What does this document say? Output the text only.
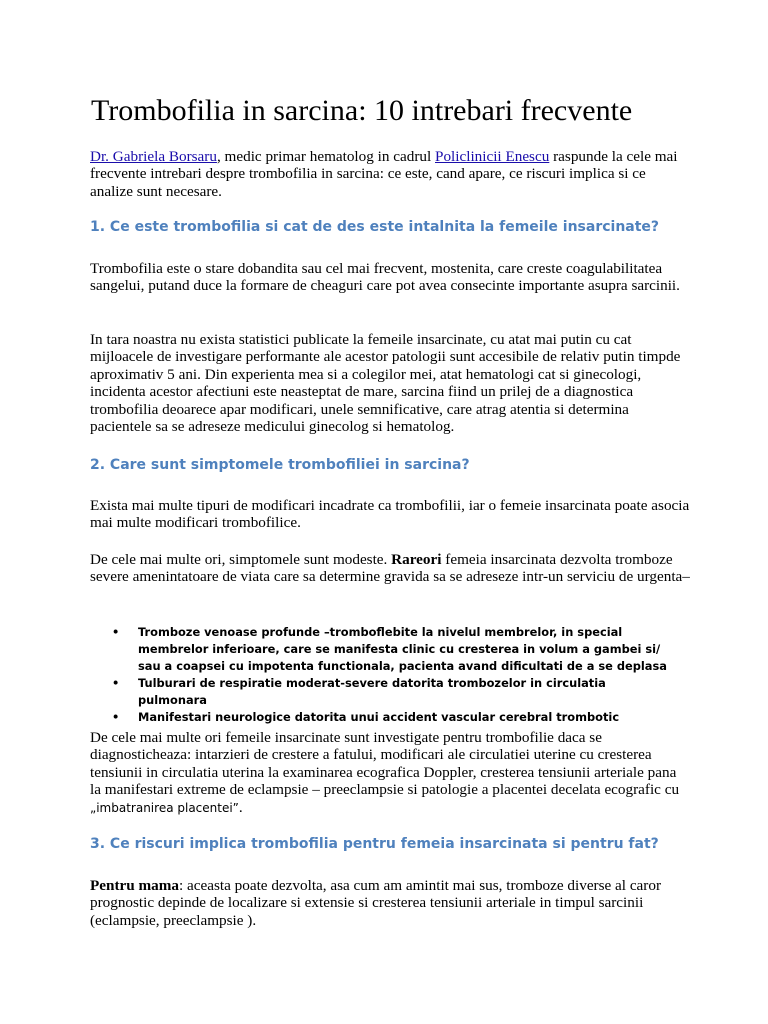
Trombofilia in sarcina: 10 intrebari frecvente

Dr. Gabriela Borsaru, medic primar hematolog in cadrul Policlinicii Enescu raspunde la cele mai frecvente intrebari despre trombofilia in sarcina: ce este, cand apare, ce riscuri implica si ce analize sunt necesare.

1. Ce este trombofilia si cat de des este intalnita la femeile insarcinate?

Trombofilia este o stare dobandita sau cel mai frecvent, mostenita, care creste coagulabilitatea sangelui, putand duce la formare de cheaguri care pot avea consecinte importante asupra sarcinii.

In tara noastra nu exista statistici publicate la femeile insarcinate, cu atat mai putin cu cat mijloacele de investigare performante ale acestor patologii sunt accesibile de relativ putin timpde aproximativ 5 ani. Din experienta mea si a colegilor mei, atat hematologi cat si ginecologi, incidenta acestor afectiuni este neasteptat de mare, sarcina fiind un prilej de a diagnostica trombofilia deoarece apar modificari, unele semnificative, care atrag atentia si determina pacientele sa se adreseze medicului ginecolog si hematolog.

2. Care sunt simptomele trombofiliei in sarcina?

Exista mai multe tipuri de modificari incadrate ca trombofilii, iar o femeie insarcinata poate asocia mai multe modificari trombofilice.

De cele mai multe ori, simptomele sunt modeste. Rareori femeia insarcinata dezvolta tromboze severe amenintatoare de viata care sa determine gravida sa se adreseze intr-un serviciu de urgenta–

• Tromboze venoase profunde –tromboflebite la nivelul membrelor, in special membrelor inferioare, care se manifesta clinic cu cresterea in volum a gambei si/ sau a coapsei cu impotenta functionala, pacienta avand dificultati de a se deplasa
• Tulburari de respiratie moderat-severe datorita trombozelor in circulatia pulmonara
• Manifestari neurologice datorita unui accident vascular cerebral trombotic

De cele mai multe ori femeile insarcinate sunt investigate pentru trombofilie daca se diagnosticheaza: intarzieri de crestere a fatului, modificari ale circulatiei uterine cu cresterea tensiunii in circulatia uterina la examinarea ecografica Doppler, cresterea tensiunii arteriale pana la manifestari extreme de eclampsie – preeclampsie si patologie a placentei decelata ecografic cu „imbatranirea placentei”.

3. Ce riscuri implica trombofilia pentru femeia insarcinata si pentru fat?

Pentru mama: aceasta poate dezvolta, asa cum am amintit mai sus, tromboze diverse al caror prognostic depinde de localizare si extensie si cresterea tensiunii arteriale in timpul sarcinii (eclampsie, preeclampsie ).
